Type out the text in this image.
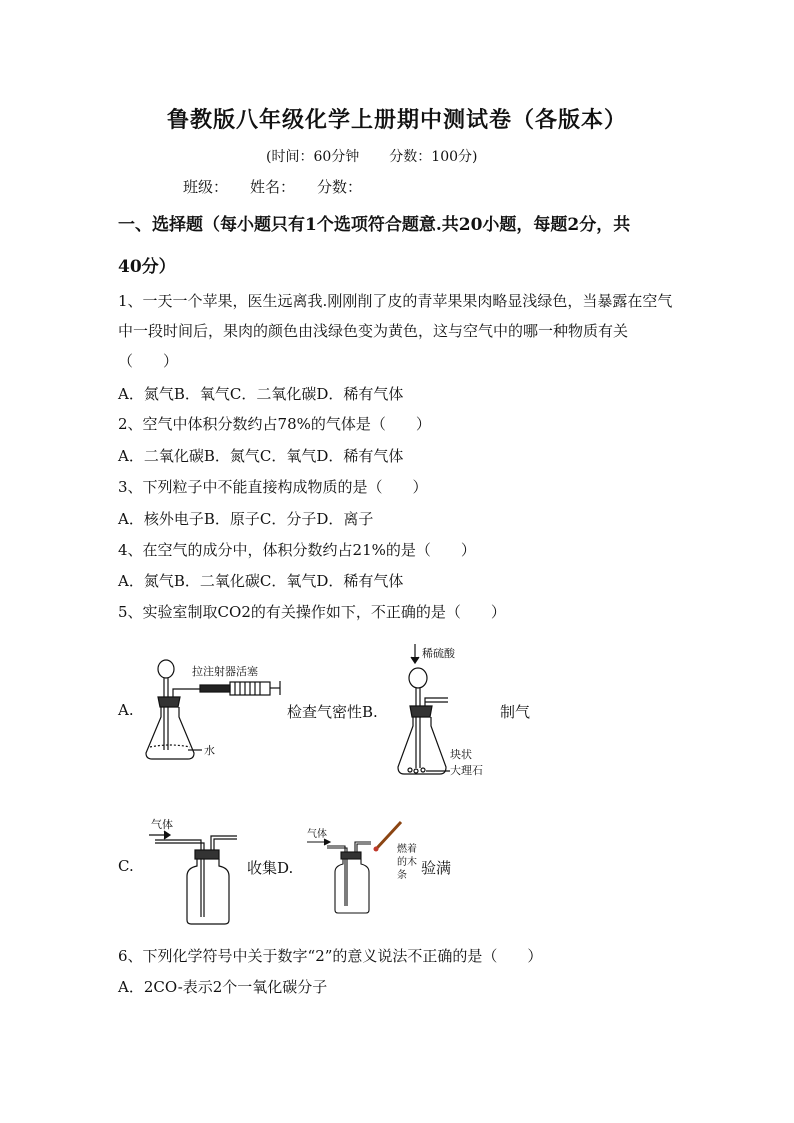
鲁教版八年级化学上册期中测试卷（各版本）
(时间：60分钟 分数：100分)
班级： 姓名： 分数：
一、选择题（每小题只有1个选项符合题意.共20小题，每题2分，共
40分）
1、一天一个苹果，医生远离我.刚刚削了皮的青苹果果肉略显浅绿色，当暴露在空气中一段时间后，果肉的颜色由浅绿色变为黄色，这与空气中的哪一种物质有关（　　）
A．氮气B．氧气C．二氧化碳D．稀有气体
2、空气中体积分数约占78%的气体是（　　）
A．二氧化碳B．氮气C．氧气D．稀有气体
3、下列粒子中不能直接构成物质的是（　　）
A．核外电子B．原子C．分子D．离子
4、在空气的成分中，体积分数约占21%的是（　　）
A．氮气B．二氧化碳C．氧气D．稀有气体
5、实验室制取CO2的有关操作如下，不正确的是（　　）
A.	检查气密性B.	制气
C.	收集D.	验满
拉注射器活塞
水
稀硫酸
块状
大理石
气体
气体
燃着
的木
条
6、下列化学符号中关于数字“2”的意义说法不正确的是（　　）
A．2CO-表示2个一氧化碳分子
